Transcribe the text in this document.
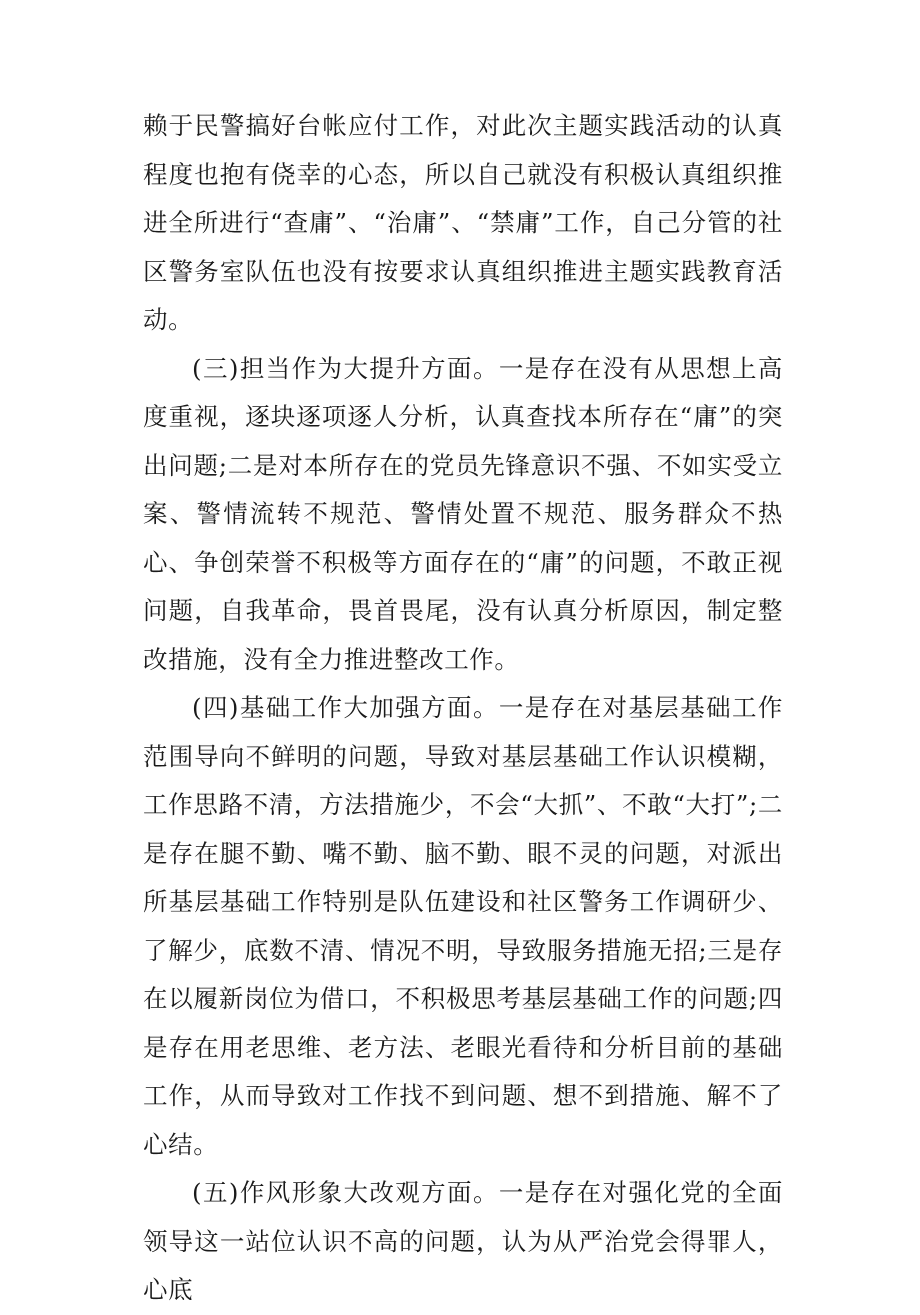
赖于民警搞好台帐应付工作，对此次主题实践活动的认真程度也抱有侥幸的心态，所以自己就没有积极认真组织推进全所进行“查庸”、“治庸”、“禁庸”工作，自己分管的社区警务室队伍也没有按要求认真组织推进主题实践教育活动。

(三)担当作为大提升方面。一是存在没有从思想上高度重视，逐块逐项逐人分析，认真查找本所存在“庸”的突出问题;二是对本所存在的党员先锋意识不强、不如实受立案、警情流转不规范、警情处置不规范、服务群众不热心、争创荣誉不积极等方面存在的“庸”的问题，不敢正视问题，自我革命，畏首畏尾，没有认真分析原因，制定整改措施，没有全力推进整改工作。

(四)基础工作大加强方面。一是存在对基层基础工作范围导向不鲜明的问题，导致对基层基础工作认识模糊，工作思路不清，方法措施少，不会“大抓”、不敢“大打”;二是存在腿不勤、嘴不勤、脑不勤、眼不灵的问题，对派出所基层基础工作特别是队伍建设和社区警务工作调研少、了解少，底数不清、情况不明，导致服务措施无招;三是存在以履新岗位为借口，不积极思考基层基础工作的问题;四是存在用老思维、老方法、老眼光看待和分析目前的基础工作，从而导致对工作找不到问题、想不到措施、解不了心结。

(五)作风形象大改观方面。一是存在对强化党的全面领导这一站位认识不高的问题，认为从严治党会得罪人，心底
